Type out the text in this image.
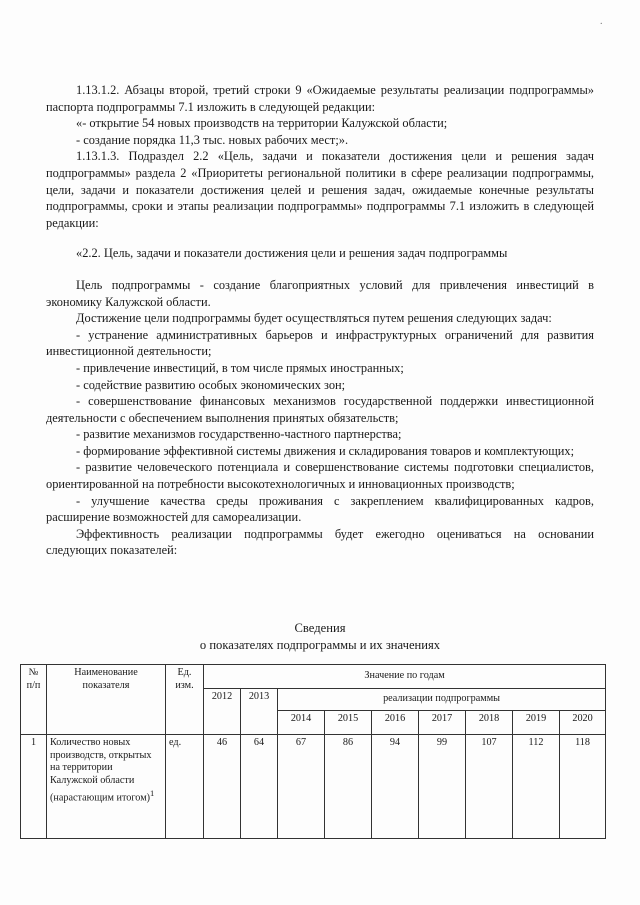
.

1.13.1.2. Абзацы второй, третий строки 9 «Ожидаемые результаты реализации подпрограммы» паспорта подпрограммы 7.1 изложить в следующей редакции:

«- открытие 54 новых производств на территории Калужской области;

- создание порядка 11,3 тыс. новых рабочих мест;».

1.13.1.3. Подраздел 2.2 «Цель, задачи и показатели достижения цели и решения задач подпрограммы» раздела 2 «Приоритеты региональной политики в сфере реализации подпрограммы, цели, задачи и показатели достижения целей и решения задач, ожидаемые конечные результаты подпрограммы, сроки и этапы реализации подпрограммы» подпрограммы 7.1 изложить в следующей редакции:

«2.2. Цель, задачи и показатели достижения цели и решения задач подпрограммы

Цель подпрограммы - создание благоприятных условий для привлечения инвестиций в экономику Калужской области.

Достижение цели подпрограммы будет осуществляться путем решения следующих задач:

- устранение административных барьеров и инфраструктурных ограничений для развития инвестиционной деятельности;

- привлечение инвестиций, в том числе прямых иностранных;

- содействие развитию особых экономических зон;

- совершенствование финансовых механизмов государственной поддержки инвестиционной деятельности с обеспечением выполнения принятых обязательств;

- развитие механизмов государственно-частного партнерства;

- формирование эффективной системы движения и складирования товаров и комплектующих;

- развитие человеческого потенциала и совершенствование системы подготовки специалистов, ориентированной на потребности высокотехнологичных и инновационных производств;

- улучшение качества среды проживания с закреплением квалифицированных кадров, расширение возможностей для самореализации.

Эффективность реализации подпрограммы будет ежегодно оцениваться на основании следующих показателей:

Сведения
о показателях подпрограммы и их значениях
№ п/п	Наименование показателя	Ед. изм.	Значение по годам								
			2012	2013	реализации подпрограммы						
					2014	2015	2016	2017	2018	2019	2020
1	Количество новых производств, открытых на территории Калужской области (нарастающим итогом)$^1$	ед.	46	64	67	86	94	99	107	112	118
